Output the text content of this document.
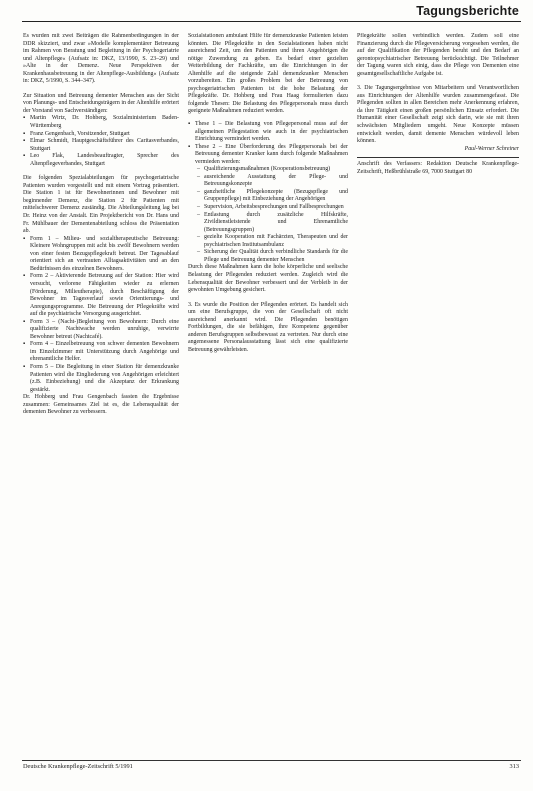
Tagungsberichte

Es wurden mit zwei Beiträgen die Rahmenbedingungen in der DDR skizziert, und zwar »Modelle komplementärer Betreuung im Rahmen von Beratung und Begleitung in der Psychogeriatrie und Altenpflege« (Aufsatz in: DKZ, 13/1990, S. 23–29) und »Alte in der Demenz. Neue Perspektiven der Krankenhausbetreuung in der Altenpflege-Ausbildung« (Aufsatz in: DKZ, 5/1990, S. 344–347).

Zur Situation und Betreuung dementer Menschen aus der Sicht von Planungs- und Entscheidungsträgern in der Altenhilfe erörtert der Vorstand von Sachverständigen:

▪ Martin Wirtz, Dr. Hohberg, Sozialministerium Baden-Württemberg
▪ Franz Gengenbach, Vorsitzender, Stuttgart
▪ Elmar Schmidt, Hauptgeschäftsführer des Caritasverbandes, Stuttgart
▪ Leo Flak, Landesbeauftragter, Sprecher des Altenpflegeverbandes, Stuttgart

Die folgenden Spezialabteilungen für psychogeriatrische Patienten wurden vorgestellt und mit einem Vortrag präsentiert. Die Station 1 ist für Bewohnerinnen und Bewohner mit beginnender Demenz, die Station 2 für Patienten mit mittelschwerer Demenz zuständig. Die Abteilungsleitung lag bei Dr. Heinz von der Anstalt. Ein Projektbericht von Dr. Hans und Fr. Mühlbauer der Dementenabteilung schloss die Präsentation ab.

▪ Form 1 – Milieu- und sozialtherapeutische Betreuung: Kleinere Wohngruppen mit acht bis zwölf Bewohnern werden von einer festen Bezugspflegekraft betreut. Der Tagesablauf orientiert sich an vertrauten Alltagsaktivitäten und an den Bedürfnissen des einzelnen Bewohners.
▪ Form 2 – Aktivierende Betreuung auf der Station: Hier wird versucht, verlorene Fähigkeiten wieder zu erlernen (Förderung, Milieutherapie), durch Beschäftigung der Bewohner im Tagesverlauf sowie Orientierungs- und Anregungsprogramme. Die Betreuung der Pflegekräfte wird auf die psychiatrische Versorgung ausgerichtet.
▪ Form 3 – (Nacht-)Begleitung von Bewohnern: Durch eine qualifizierte Nachtwache werden unruhige, verwirrte Bewohner betreut (Nachtcafé).
▪ Form 4 – Einzelbetreuung von schwer dementen Bewohnern im Einzelzimmer mit Unterstützung durch Angehörige und ehrenamtliche Helfer.
▪ Form 5 – Die Begleitung in einer Station für demenzkranke Patienten wird die Eingliederung von Angehörigen erleichtert (z.B. Einbeziehung) und die Akzeptanz der Erkrankung gestärkt.

Dr. Hohberg und Frau Gengenbach fassten die Ergebnisse zusammen: Gemeinsames Ziel ist es, die Lebensqualität der dementen Bewohner zu verbessern.

Sozialstationen ambulant Hilfe für demenzkranke Patienten leisten könnten. Die Pflegekräfte in den Sozialstationen haben nicht ausreichend Zeit, um den Patienten und ihren Angehörigen die nötige Zuwendung zu geben. Es bedarf einer gezielten Weiterbildung der Fachkräfte, um die Einrichtungen in der Altenhilfe auf die steigende Zahl demenzkranker Menschen vorzubereiten. Ein großes Problem bei der Betreuung von psychogeriatrischen Patienten ist die hohe Belastung der Pflegekräfte. Dr. Hohberg und Frau Haag formulierten dazu folgende Thesen: Die Belastung des Pflegepersonals muss durch geeignete Maßnahmen reduziert werden.

▪ These 1 – Die Belastung von Pflegepersonal muss auf der allgemeinen Pflegestation wie auch in der psychiatrischen Einrichtung vermindert werden.
▪ These 2 – Eine Überforderung des Pflegepersonals bei der Betreuung dementer Kranker kann durch folgende Maßnahmen vermieden werden:
– Qualifizierungsmaßnahmen (Kooperationsbetreuung)
– ausreichende Ausstattung der Pflege- und Betreuungskonzepte
– ganzheitliche Pflegekonzepte (Bezugspflege und Gruppenpflege) mit Einbeziehung der Angehörigen
– Supervision, Arbeitsbesprechungen und Fallbesprechungen
– Entlastung durch zusätzliche Hilfskräfte, Zivildienstleistende und Ehrenamtliche (Betreuungsgruppen)
– gezielte Kooperation mit Fachärzten, Therapeuten und der psychiatrischen Institutsambulanz
– Sicherung der Qualität durch verbindliche Standards für die Pflege und Betreuung dementer Menschen

Durch diese Maßnahmen kann die hohe körperliche und seelische Belastung der Pflegenden reduziert werden. Zugleich wird die Lebensqualität der Bewohner verbessert und der Verbleib in der gewohnten Umgebung gesichert.

3. Es wurde die Position der Pflegenden erörtert. Es handelt sich um eine Berufsgruppe, die von der Gesellschaft oft nicht ausreichend anerkannt wird. Die Pflegenden benötigen Fortbildungen, die sie befähigen, ihre Kompetenz gegenüber anderen Berufsgruppen selbstbewusst zu vertreten. Nur durch eine angemessene Personalausstattung lässt sich eine qualifizierte Betreuung gewährleisten.

Pflegekräfte sollen verbindlich werden. Zudem soll eine Finanzierung durch die Pflegeversicherung vorgesehen werden, die auf der Qualifikation der Pflegenden beruht und den Bedarf an gerontopsychiatrischer Betreuung berücksichtigt. Die Teilnehmer der Tagung waren sich einig, dass die Pflege von Dementen eine gesamtgesellschaftliche Aufgabe ist.

3. Die Tagungsergebnisse von Mitarbeitern und Verantwortlichen aus Einrichtungen der Altenhilfe wurden zusammengefasst. Die Pflegenden sollten in allen Bereichen mehr Anerkennung erfahren, da ihre Tätigkeit einen großen persönlichen Einsatz erfordert. Die Humanität einer Gesellschaft zeigt sich darin, wie sie mit ihren schwächsten Mitgliedern umgeht. Neue Konzepte müssen entwickelt werden, damit demente Menschen würdevoll leben können.

Paul-Werner Schreiner

Anschrift des Verfassers: Redaktion Deutsche Krankenpflege-Zeitschrift, Heßbrühlstraße 69, 7000 Stuttgart 80

Deutsche Krankenpflege-Zeitschrift 5/1991	313
